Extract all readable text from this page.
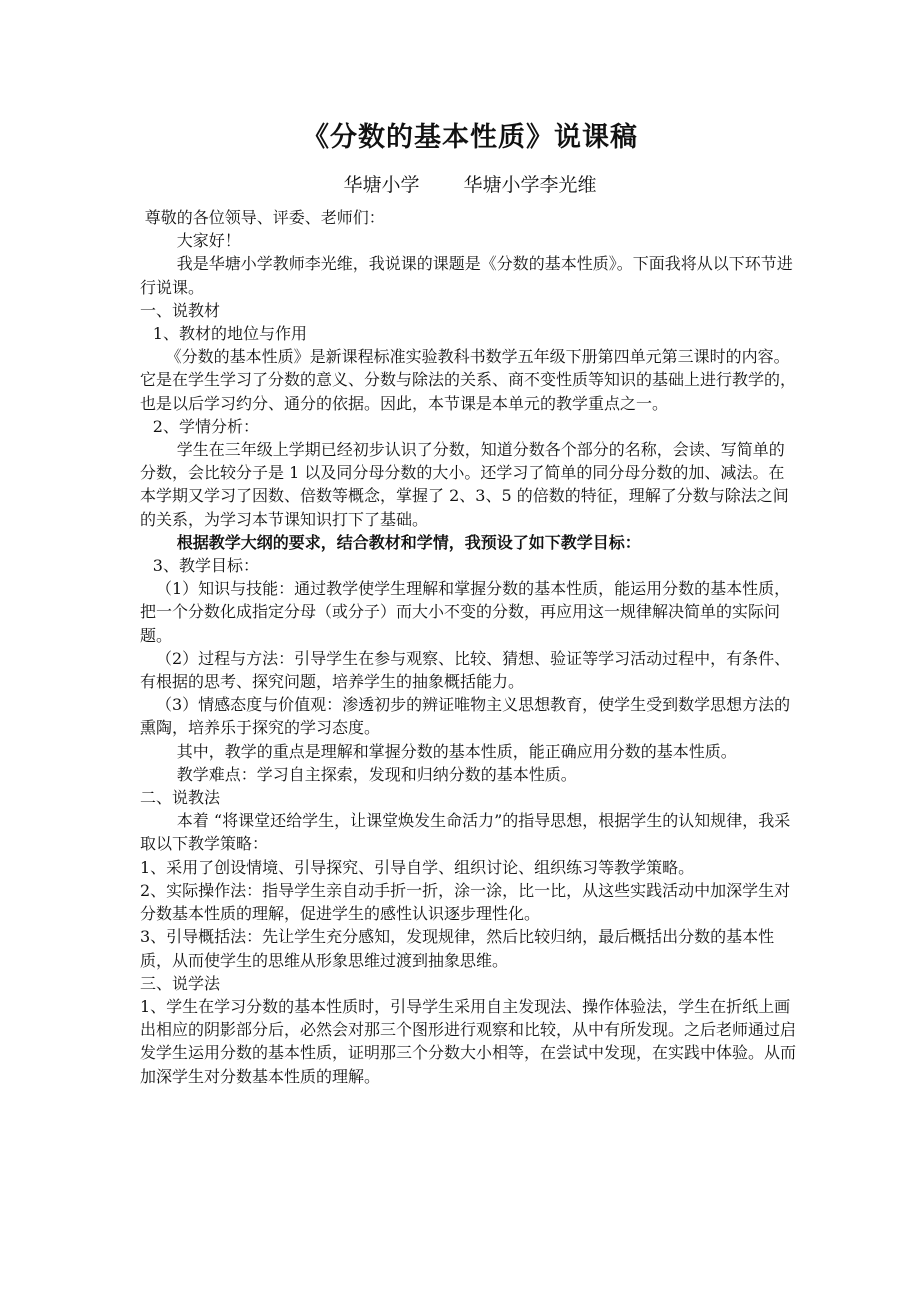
《分数的基本性质》说课稿
华塘小学 华塘小学李光维

尊敬的各位领导、评委、老师们：

大家好！

我是华塘小学教师李光维，我说课的课题是《分数的基本性质》。下面我将从以下环节进行说课。

一、说教材

1、教材的地位与作用

《分数的基本性质》是新课程标准实验教科书数学五年级下册第四单元第三课时的内容。它是在学生学习了分数的意义、分数与除法的关系、商不变性质等知识的基础上进行教学的，也是以后学习约分、通分的依据。因此，本节课是本单元的教学重点之一。

2、学情分析：

学生在三年级上学期已经初步认识了分数，知道分数各个部分的名称，会读、写简单的分数，会比较分子是 1 以及同分母分数的大小。还学习了简单的同分母分数的加、减法。在本学期又学习了因数、倍数等概念，掌握了 2、3、5 的倍数的特征，理解了分数与除法之间的关系，为学习本节课知识打下了基础。

根据教学大纲的要求，结合教材和学情，我预设了如下教学目标：

3、教学目标：

（1）知识与技能：通过教学使学生理解和掌握分数的基本性质，能运用分数的基本性质，把一个分数化成指定分母（或分子）而大小不变的分数，再应用这一规律解决简单的实际问题。

（2）过程与方法：引导学生在参与观察、比较、猜想、验证等学习活动过程中，有条件、有根据的思考、探究问题，培养学生的抽象概括能力。

（3）情感态度与价值观：渗透初步的辨证唯物主义思想教育，使学生受到数学思想方法的熏陶，培养乐于探究的学习态度。

其中，教学的重点是理解和掌握分数的基本性质，能正确应用分数的基本性质。

教学难点：学习自主探索，发现和归纳分数的基本性质。

二、说教法

本着 “将课堂还给学生，让课堂焕发生命活力”的指导思想，根据学生的认知规律，我采取以下教学策略：

1、采用了创设情境、引导探究、引导自学、组织讨论、组织练习等教学策略。

2、实际操作法：指导学生亲自动手折一折，涂一涂，比一比，从这些实践活动中加深学生对分数基本性质的理解，促进学生的感性认识逐步理性化。

3、引导概括法：先让学生充分感知，发现规律，然后比较归纳，最后概括出分数的基本性质，从而使学生的思维从形象思维过渡到抽象思维。

三、说学法

1、学生在学习分数的基本性质时，引导学生采用自主发现法、操作体验法，学生在折纸上画出相应的阴影部分后，必然会对那三个图形进行观察和比较，从中有所发现。之后老师通过启发学生运用分数的基本性质，证明那三个分数大小相等，在尝试中发现，在实践中体验。从而加深学生对分数基本性质的理解。
